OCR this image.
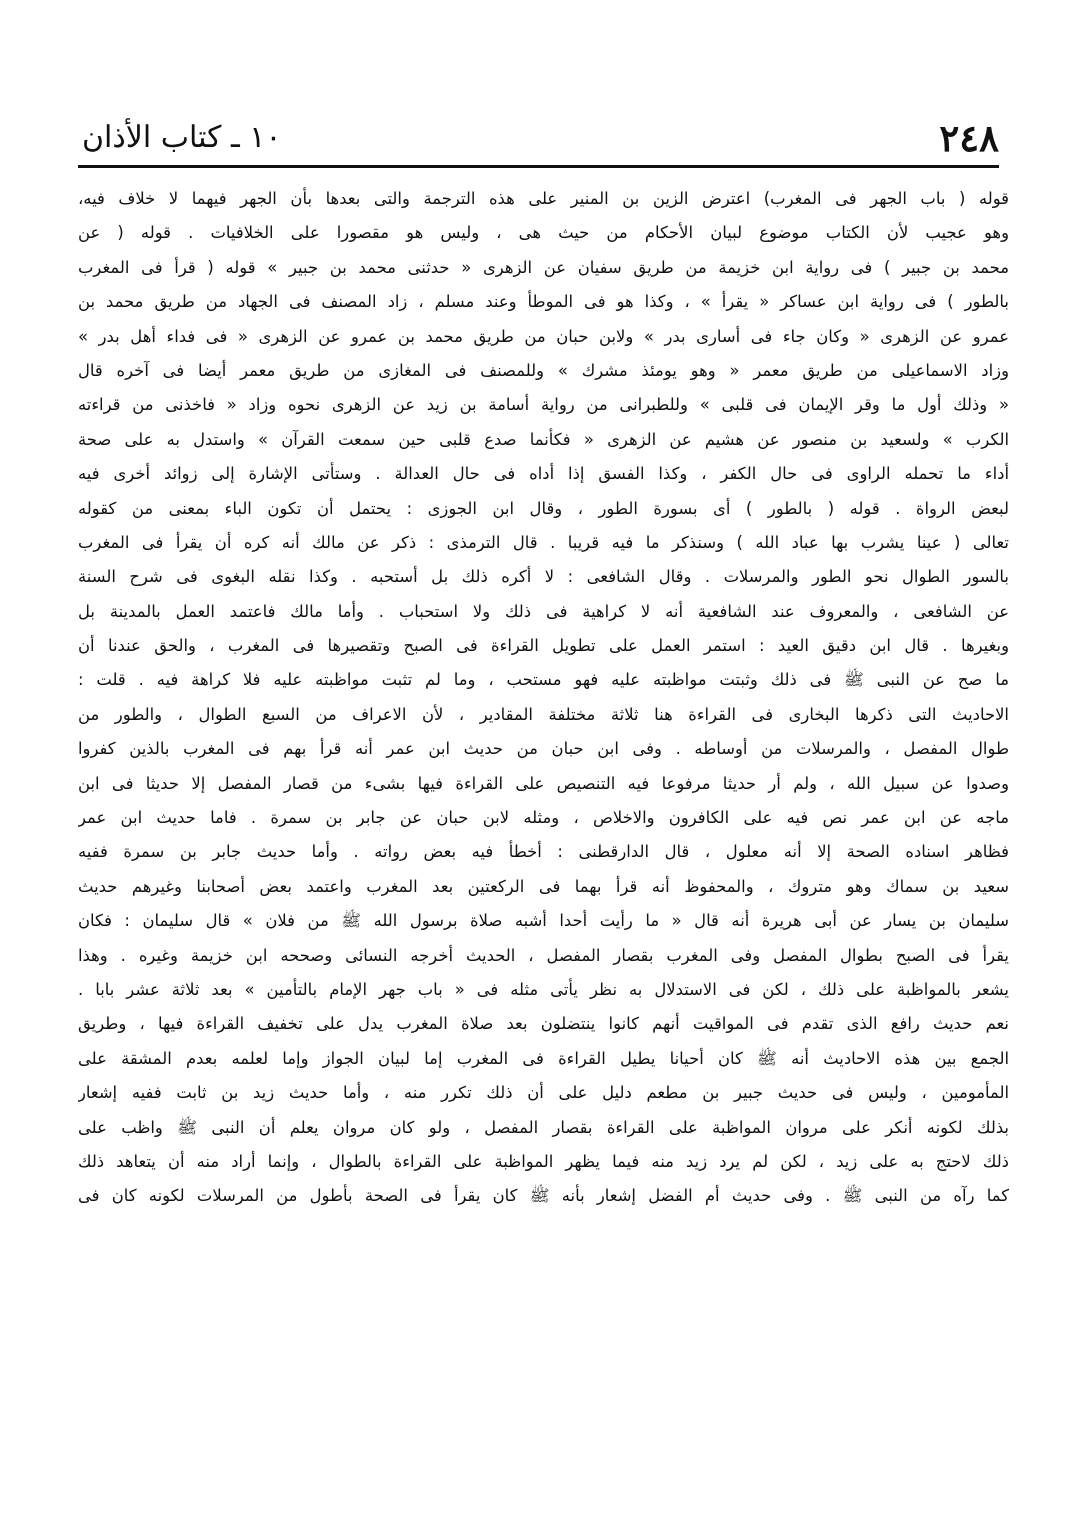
٢٤٨
١٠ ـ كتاب الأذان
قوله ( باب الجهر فى المغرب) اعترض الزين بن المنير على هذه الترجمة والتى بعدها بأن الجهر فيهما لا خلاف فيه،
وهو عجيب لأن الكتاب موضوع لبيان الأحكام من حيث هى ، وليس هو مقصورا على الخلافيات . قوله ( عن
محمد بن جبير ) فى رواية ابن خزيمة من طريق سفيان عن الزهرى « حدثنى محمد بن جبير » قوله ( قرأ فى المغرب
بالطور ) فى رواية ابن عساكر « يقرأ » ، وكذا هو فى الموطأ وعند مسلم ، زاد المصنف فى الجهاد من طريق محمد بن
عمرو عن الزهرى « وكان جاء فى أسارى بدر » ولابن حبان من طريق محمد بن عمرو عن الزهرى « فى فداء أهل بدر »
وزاد الاسماعيلى من طريق معمر « وهو يومئذ مشرك » وللمصنف فى المغازى من طريق معمر أيضا فى آخره قال
« وذلك أول ما وقر الإيمان فى قلبى » وللطبرانى من رواية أسامة بن زيد عن الزهرى نحوه وزاد « فاخذنى من قراءته
الكرب » ولسعيد بن منصور عن هشيم عن الزهرى « فكأنما صدع قلبى حين سمعت القرآن » واستدل به على صحة
أداء ما تحمله الراوى فى حال الكفر ، وكذا الفسق إذا أداه فى حال العدالة . وستأتى الإشارة إلى زوائد أخرى فيه
لبعض الرواة . قوله ( بالطور ) أى بسورة الطور ، وقال ابن الجوزى : يحتمل أن تكون الباء بمعنى من كقوله
تعالى ( عينا يشرب بها عباد الله ) وسنذكر ما فيه قريبا . قال الترمذى : ذكر عن مالك أنه كره أن يقرأ فى المغرب
بالسور الطوال نحو الطور والمرسلات . وقال الشافعى : لا أكره ذلك بل أستحبه . وكذا نقله البغوى فى شرح السنة
عن الشافعى ، والمعروف عند الشافعية أنه لا كراهية فى ذلك ولا استحباب . وأما مالك فاعتمد العمل بالمدينة بل
وبغيرها . قال ابن دقيق العيد : استمر العمل على تطويل القراءة فى الصبح وتقصيرها فى المغرب ، والحق عندنا أن
ما صح عن النبى ﷺ فى ذلك وثبتت مواظبته عليه فهو مستحب ، وما لم تثبت مواظبته عليه فلا كراهة فيه . قلت :
الاحاديث التى ذكرها البخارى فى القراءة هنا ثلاثة مختلفة المقادير ، لأن الاعراف من السبع الطوال ، والطور من
طوال المفصل ، والمرسلات من أوساطه . وفى ابن حبان من حديث ابن عمر أنه قرأ بهم فى المغرب بالذين كفروا
وصدوا عن سبيل الله ، ولم أر حديثا مرفوعا فيه التنصيص على القراءة فيها بشىء من قصار المفصل إلا حديثا فى ابن
ماجه عن ابن عمر نص فيه على الكافرون والاخلاص ، ومثله لابن حبان عن جابر بن سمرة . فاما حديث ابن عمر
فظاهر اسناده الصحة إلا أنه معلول ، قال الدارقطنى : أخطأ فيه بعض رواته . وأما حديث جابر بن سمرة ففيه
سعيد بن سماك وهو متروك ، والمحفوظ أنه قرأ بهما فى الركعتين بعد المغرب واعتمد بعض أصحابنا وغيرهم حديث
سليمان بن يسار عن أبى هريرة أنه قال « ما رأيت أحدا أشبه صلاة برسول الله ﷺ من فلان » قال سليمان : فكان
يقرأ فى الصبح بطوال المفصل وفى المغرب بقصار المفصل ، الحديث أخرجه النسائى وصححه ابن خزيمة وغيره . وهذا
يشعر بالمواظبة على ذلك ، لكن فى الاستدلال به نظر يأتى مثله فى « باب جهر الإمام بالتأمين » بعد ثلاثة عشر بابا .
نعم حديث رافع الذى تقدم فى المواقيت أنهم كانوا ينتضلون بعد صلاة المغرب يدل على تخفيف القراءة فيها ، وطريق
الجمع بين هذه الاحاديث أنه ﷺ كان أحيانا يطيل القراءة فى المغرب إما لبيان الجواز وإما لعلمه بعدم المشقة على
المأمومين ، وليس فى حديث جبير بن مطعم دليل على أن ذلك تكرر منه ، وأما حديث زيد بن ثابت ففيه إشعار
بذلك لكونه أنكر على مروان المواظبة على القراءة بقصار المفصل ، ولو كان مروان يعلم أن النبى ﷺ واظب على
ذلك لاحتج به على زيد ، لكن لم يرد زيد منه فيما يظهر المواظبة على القراءة بالطوال ، وإنما أراد منه أن يتعاهد ذلك
كما رآه من النبى ﷺ . وفى حديث أم الفضل إشعار بأنه ﷺ كان يقرأ فى الصحة بأطول من المرسلات لكونه كان فى
